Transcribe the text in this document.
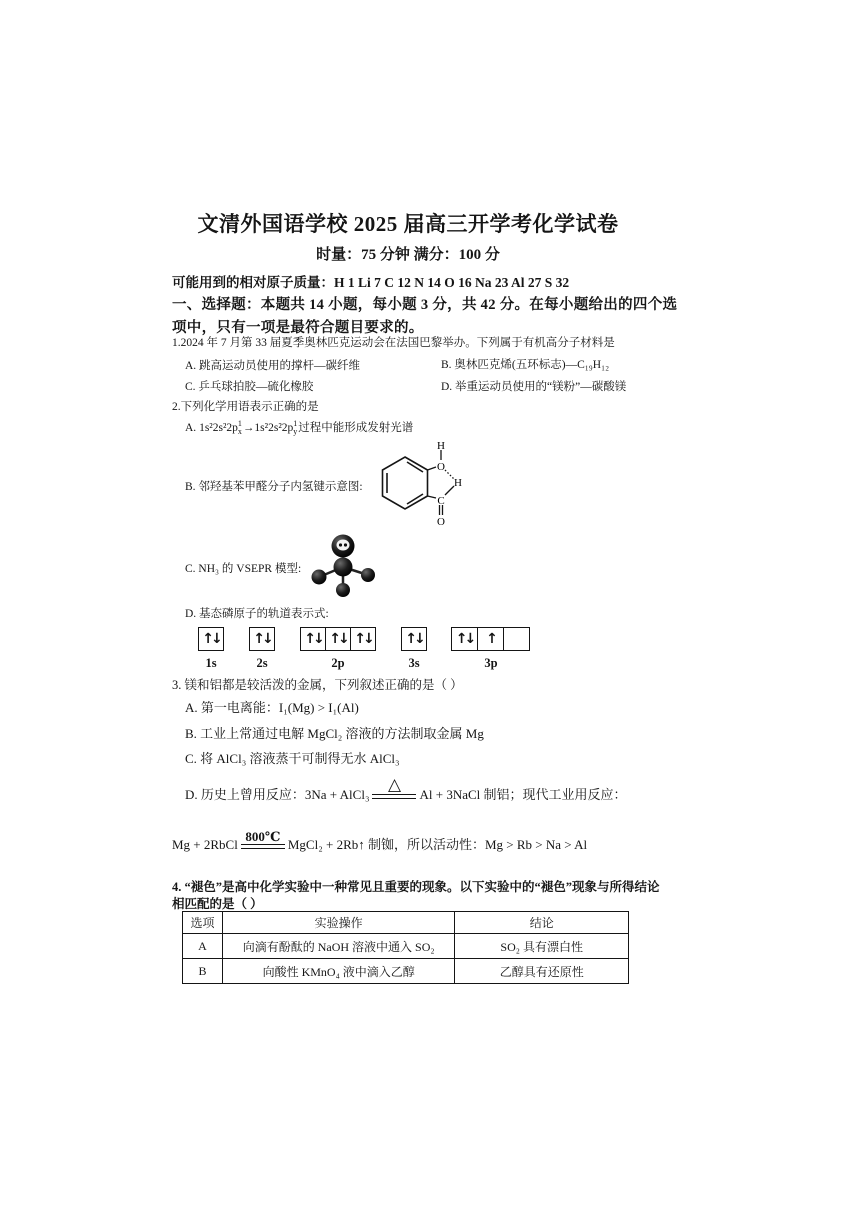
文清外国语学校 2025 届高三开学考化学试卷
时量：75 分钟 满分：100 分
可能用到的相对原子质量：H 1 Li 7 C 12 N 14 O 16 Na 23 Al 27 S 32
一、选择题：本题共 14 小题，每小题 3 分，共 42 分。在每小题给出的四个选
项中，只有一项是最符合题目要求的。
1.2024 年 7 月第 33 届夏季奥林匹克运动会在法国巴黎举办。下列属于有机高分子材料是
A. 跳高运动员使用的撑杆—碳纤维	B. 奥林匹克烯(五环标志)—C₁₉H₁₂
C. 乒乓球拍胶—硫化橡胶	D. 举重运动员使用的“镁粉”—碳酸镁
2.下列化学用语表示正确的是
A. 1s²2s²2p 1
x →1s²2s²2p 1
y 过程中能形成发射光谱
B. 邻羟基苯甲醛分子内氢键示意图:
H
O
H
C
O
C. NH₃ 的 VSEPR 模型:
D. 基态磷原子的轨道表示式:
↑↓	↑↓	↑↓ ↑↓ ↑↓	↑↓	↑↓ ↑
1s	2s	2p	3s	3p
3. 镁和铝都是较活泼的金属，下列叙述正确的是（ ）
A. 第一电离能：I₁(Mg) > I₁(Al)
B. 工业上常通过电解 MgCl₂ 溶液的方法制取金属 Mg
C. 将 AlCl₃ 溶液蒸干可制得无水 AlCl₃
D. 历史上曾用反应：3Na + AlCl₃
△
Al + 3NaCl 制铝；现代工业用反应：
Mg + 2RbCl
800℃
MgCl₂ + 2Rb↑ 制铷，所以活动性：Mg > Rb > Na > Al
4. “褪色”是高中化学实验中一种常见且重要的现象。以下实验中的“褪色”现象与所得结论
相匹配的是（ ）
选项	实验操作	结论
A	向滴有酚酞的 NaOH 溶液中通入 SO₂	SO₂ 具有漂白性
B	向酸性 KMnO₄ 液中滴入乙醇	乙醇具有还原性
